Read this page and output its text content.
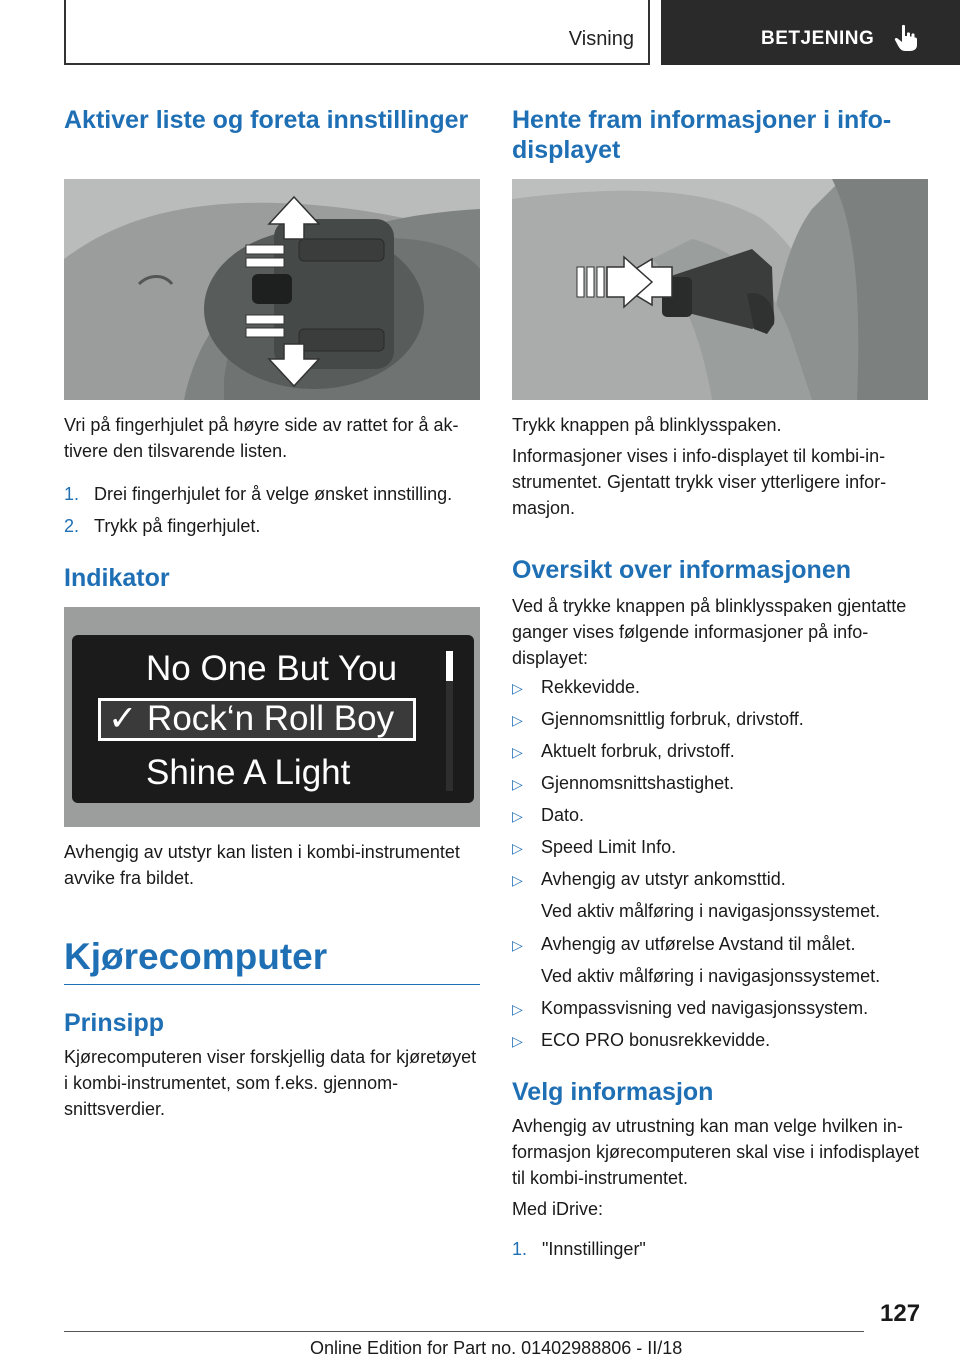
Visning	BETJENING
Aktiver liste og foreta innstillinger
Vri på fingerhjulet på høyre side av rattet for å aktivere den tilsvarende listen.
1. Drei fingerhjulet for å velge ønsket innstilling.
2. Trykk på fingerhjulet.
Indikator
No One But You
✓ Rock‘n Roll Boy
Shine A Light
Avhengig av utstyr kan listen i kombi-instrumentet avvike fra bildet.
Kjørecomputer
Prinsipp
Kjørecomputeren viser forskjellig data for kjøretøyet i kombi-instrumentet, som f.eks. gjennomsnittsverdier.
Hente fram informasjoner i infodisplayet
Trykk knappen på blinklysspaken.
Informasjoner vises i info-displayet til kombi-instrumentet. Gjentatt trykk viser ytterligere informasjon.
Oversikt over informasjonen
Ved å trykke knappen på blinklysspaken gjentatte ganger vises følgende informasjoner på info-displayet:
▷ Rekkevidde.
▷ Gjennomsnittlig forbruk, drivstoff.
▷ Aktuelt forbruk, drivstoff.
▷ Gjennomsnittshastighet.
▷ Dato.
▷ Speed Limit Info.
▷ Avhengig av utstyr ankomsttid.
Ved aktiv målføring i navigasjonssystemet.
▷ Avhengig av utførelse Avstand til målet.
Ved aktiv målføring i navigasjonssystemet.
▷ Kompassvisning ved navigasjonssystem.
▷ ECO PRO bonusrekkevidde.
Velg informasjon
Avhengig av utrustning kan man velge hvilken informasjon kjørecomputeren skal vise i infodisplayet til kombi-instrumentet.
Med iDrive:
1. "Innstillinger"
127
Online Edition for Part no. 01402988806 - II/18
